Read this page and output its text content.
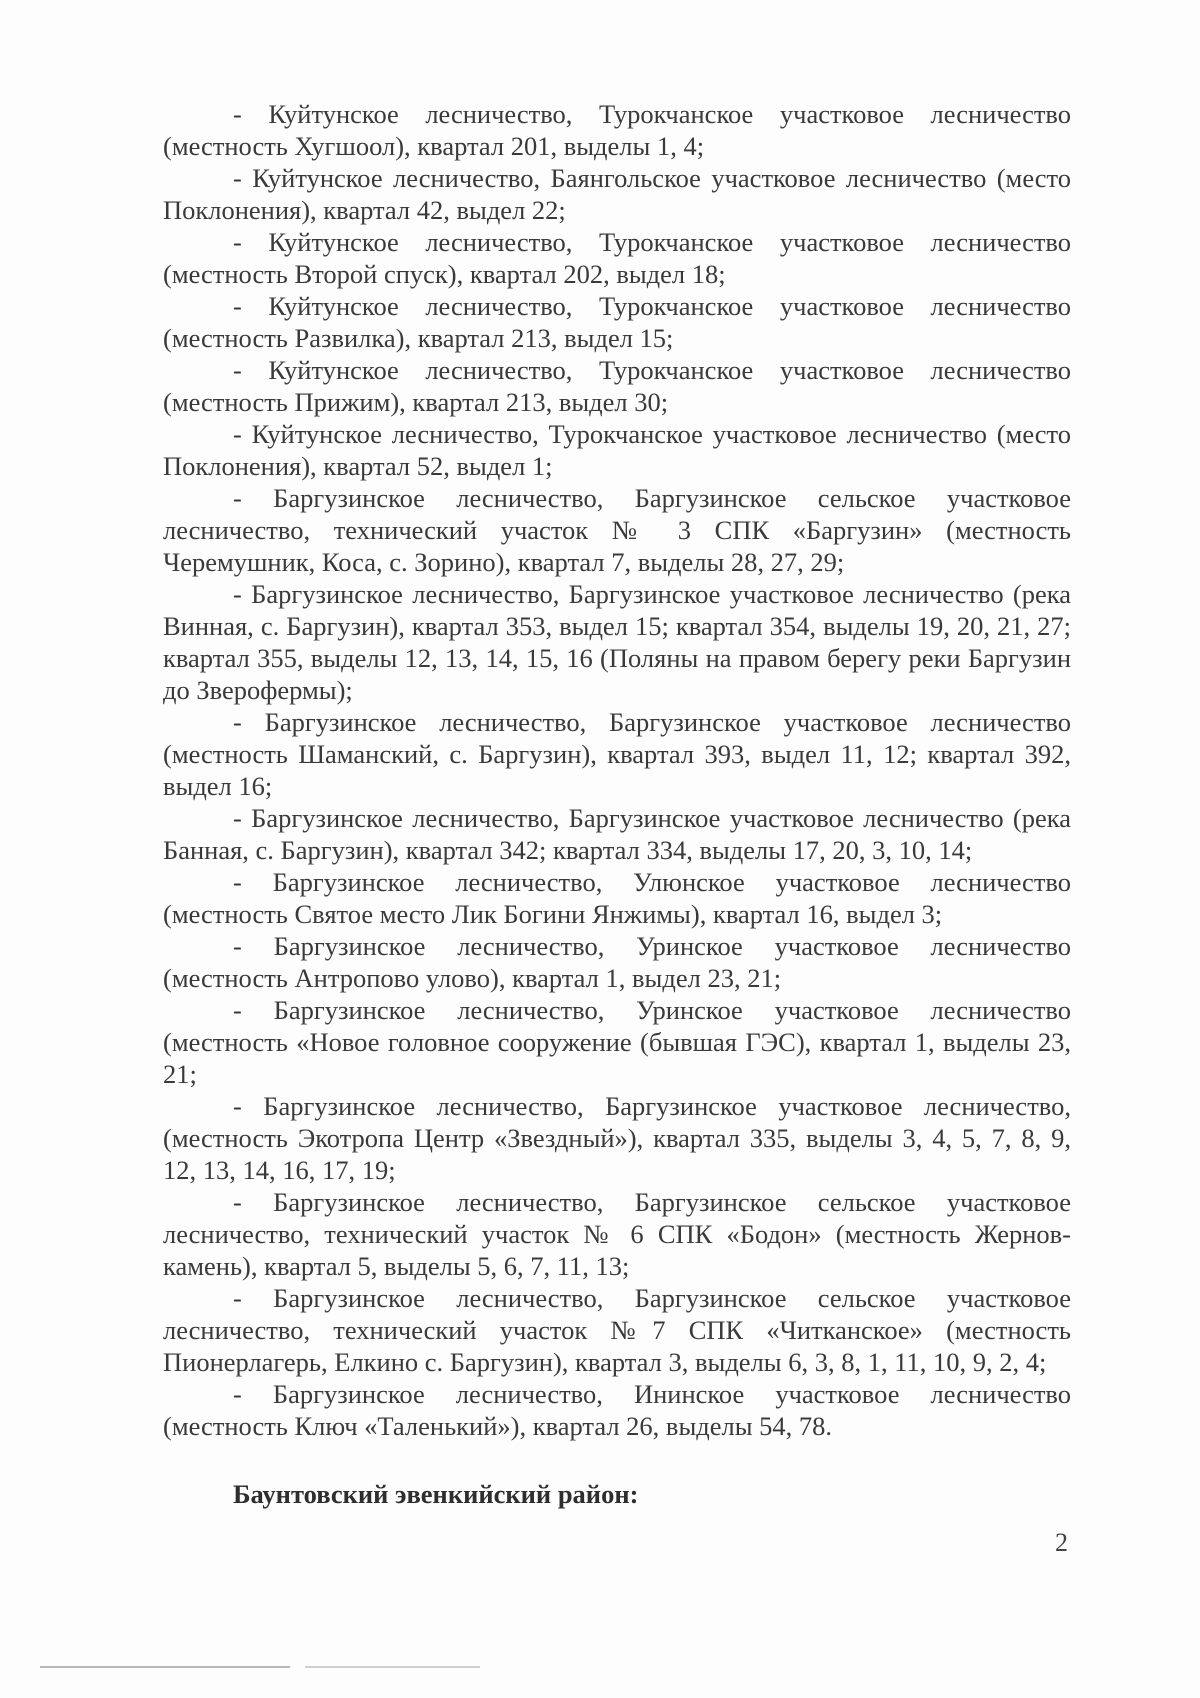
- Куйтунское лесничество, Турокчанское участковое лесничество (местность Хугшоол), квартал 201, выделы 1, 4;

- Куйтунское лесничество, Баянгольское участковое лесничество (место Поклонения), квартал 42, выдел 22;

- Куйтунское лесничество, Турокчанское участковое лесничество (местность Второй спуск), квартал 202, выдел 18;

- Куйтунское лесничество, Турокчанское участковое лесничество (местность Развилка), квартал 213, выдел 15;

- Куйтунское лесничество, Турокчанское участковое лесничество (местность Прижим), квартал 213, выдел 30;

- Куйтунское лесничество, Турокчанское участковое лесничество (место Поклонения), квартал 52, выдел 1;

- Баргузинское лесничество, Баргузинское сельское участковое лесничество, технический участок № 3 СПК «Баргузин» (местность Черемушник, Коса, с. Зорино), квартал 7, выделы 28, 27, 29;

- Баргузинское лесничество, Баргузинское участковое лесничество (река Винная, с. Баргузин), квартал 353, выдел 15; квартал 354, выделы 19, 20, 21, 27; квартал 355, выделы 12, 13, 14, 15, 16 (Поляны на правом берегу реки Баргузин до Зверофермы);

- Баргузинское лесничество, Баргузинское участковое лесничество (местность Шаманский, с. Баргузин), квартал 393, выдел 11, 12; квартал 392, выдел 16;

- Баргузинское лесничество, Баргузинское участковое лесничество (река Банная, с. Баргузин), квартал 342; квартал 334, выделы 17, 20, 3, 10, 14;

- Баргузинское лесничество, Улюнское участковое лесничество (местность Святое место Лик Богини Янжимы), квартал 16, выдел 3;

- Баргузинское лесничество, Уринское участковое лесничество (местность Антропово улово), квартал 1, выдел 23, 21;

- Баргузинское лесничество, Уринское участковое лесничество (местность «Новое головное сооружение (бывшая ГЭС), квартал 1, выделы 23, 21;

- Баргузинское лесничество, Баргузинское участковое лесничество, (местность Экотропа Центр «Звездный»), квартал 335, выделы 3, 4, 5, 7, 8, 9, 12, 13, 14, 16, 17, 19;

- Баргузинское лесничество, Баргузинское сельское участковое лесничество, технический участок № 6 СПК «Бодон» (местность Жернов-камень), квартал 5, выделы 5, 6, 7, 11, 13;

- Баргузинское лесничество, Баргузинское сельское участковое лесничество, технический участок №7 СПК «Читканское» (местность Пионерлагерь, Елкино с. Баргузин), квартал 3, выделы 6, 3, 8, 1, 11, 10, 9, 2, 4;

- Баргузинское лесничество, Ининское участковое лесничество (местность Ключ «Таленький»), квартал 26, выделы 54, 78.

Баунтовский эвенкийский район:

2
